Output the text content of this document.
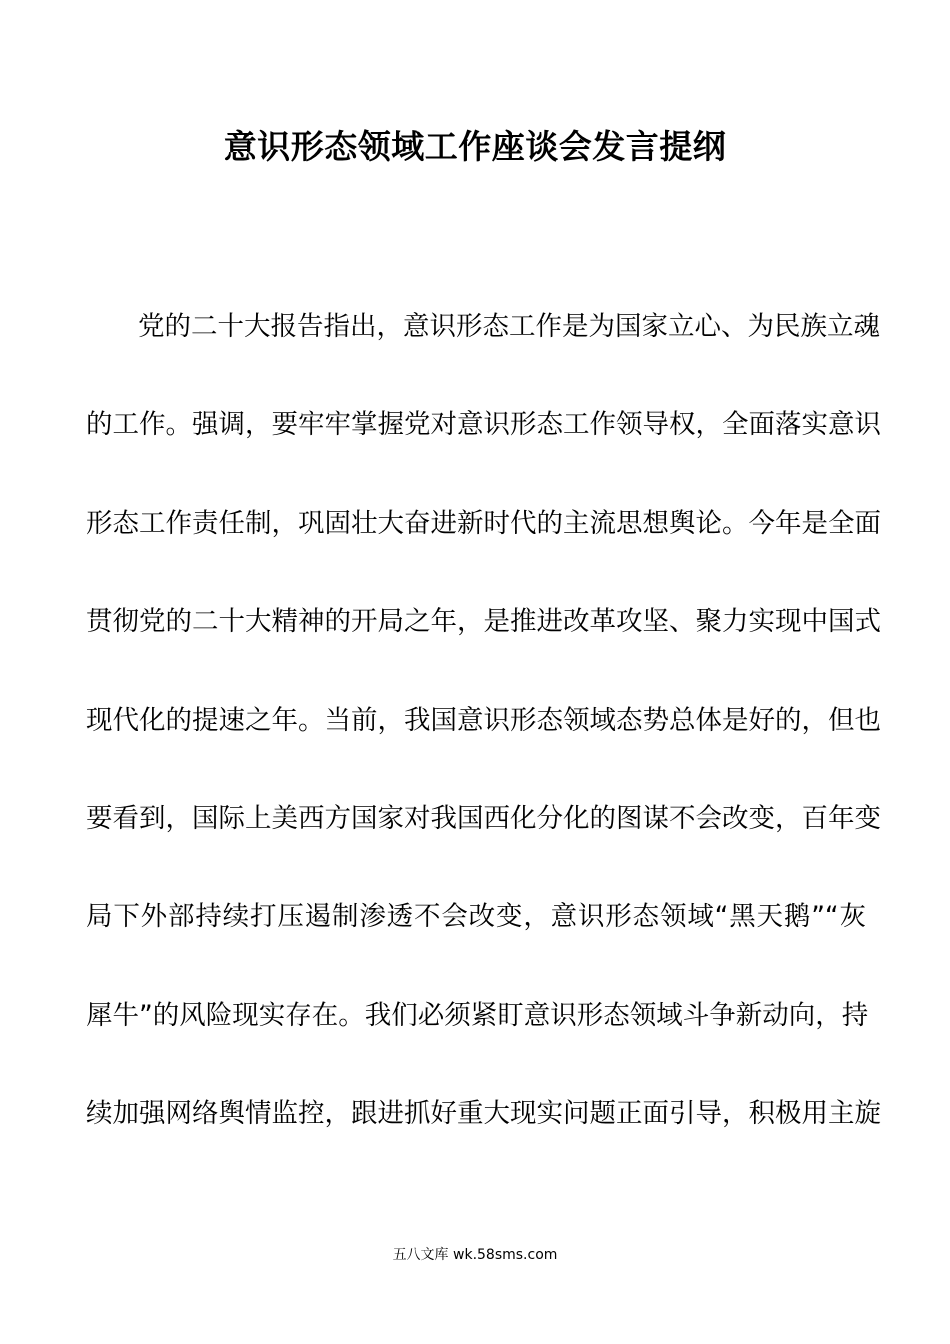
意识形态领域工作座谈会发言提纲
党的二十大报告指出，意识形态工作是为国家立心、为民族立魂
的工作。强调，要牢牢掌握党对意识形态工作领导权，全面落实意识
形态工作责任制，巩固壮大奋进新时代的主流思想舆论。今年是全面
贯彻党的二十大精神的开局之年，是推进改革攻坚、聚力实现中国式
现代化的提速之年。当前，我国意识形态领域态势总体是好的，但也
要看到，国际上美西方国家对我国西化分化的图谋不会改变，百年变
局下外部持续打压遏制渗透不会改变，意识形态领域“黑天鹅”“灰
犀牛”的风险现实存在。我们必须紧盯意识形态领域斗争新动向，持
续加强网络舆情监控，跟进抓好重大现实问题正面引导，积极用主旋
五八文库 wk.58sms.com
